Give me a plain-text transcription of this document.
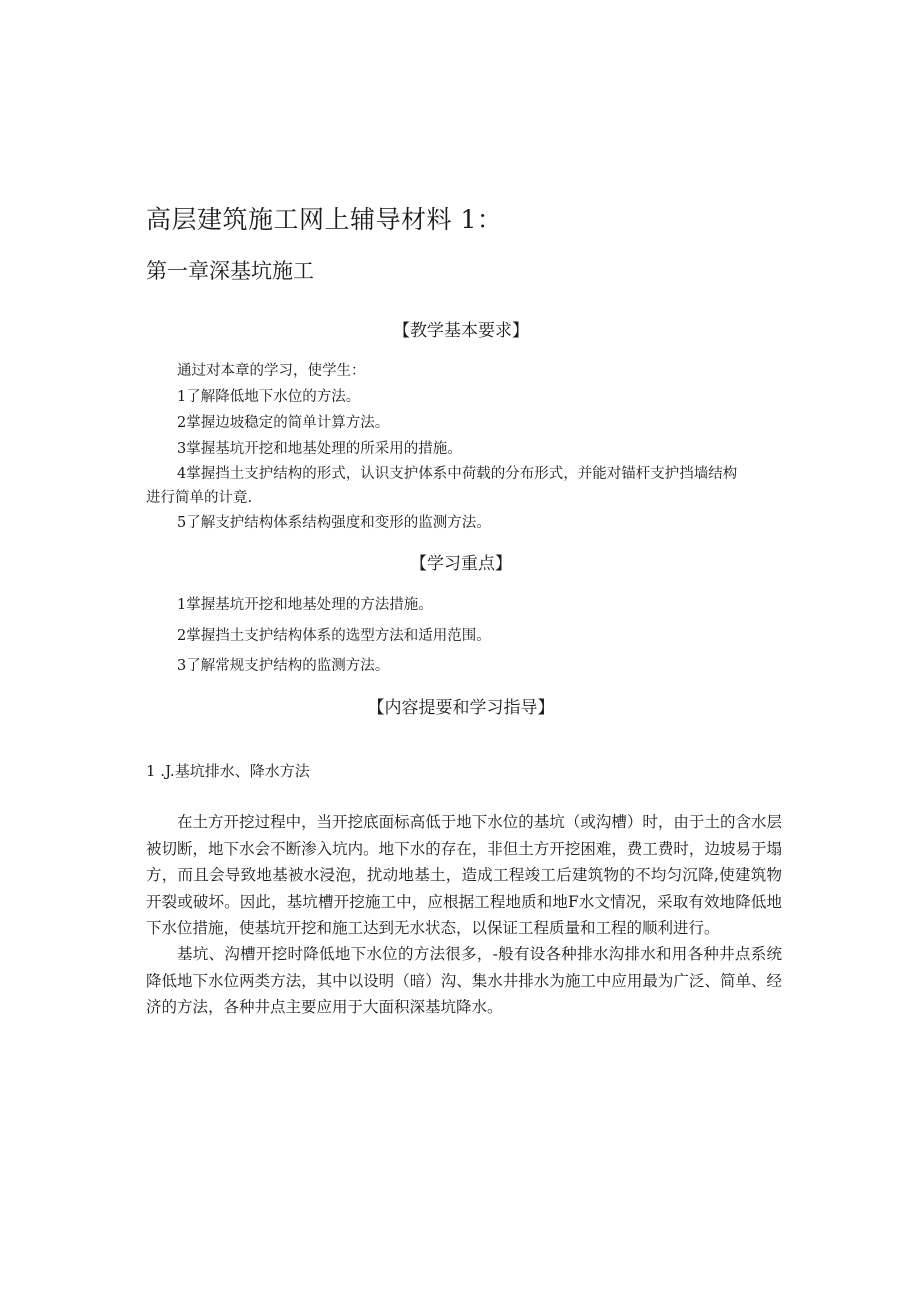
高层建筑施工网上辅导材料 1：
第一章深基坑施工
【教学基本要求】
通过对本章的学习，使学生：
1了解降低地下水位的方法。
2掌握边坡稳定的简单计算方法。
3掌握基坑开挖和地基处理的所采用的措施。
4掌握挡土支护结构的形式，认识支护体系中荷载的分布形式，并能对锚杆支护挡墙结构
进行简单的计竟.
5了解支护结构体系结构强度和变形的监测方法。
【学习重点】
1掌握基坑开挖和地基处理的方法措施。
2掌握挡土支护结构体系的选型方法和适用范围。
3了解常规支护结构的监测方法。
【内容提要和学习指导】
1 .J.基坑排水、降水方法
在土方开挖过程中，当开挖底面标高低于地下水位的基坑（或沟槽）时，由于土的含水层被切断，地下水会不断渗入坑内。地下水的存在，非但土方开挖困难，费工费时，边坡易于塌方，而且会导致地基被水浸泡，扰动地基土，造成工程竣工后建筑物的不均匀沉降,使建筑物开裂或破坏。因此，基坑槽开挖施工中，应根据工程地质和地F水文情况，采取有效地降低地下水位措施，使基坑开挖和施工达到无水状态，以保证工程质量和工程的顺利进行。
基坑、沟槽开挖时降低地下水位的方法很多，-般有设各种排水沟排水和用各种井点系统降低地下水位两类方法，其中以设明（暗）沟、集水井排水为施工中应用最为广泛、简单、经济的方法，各种井点主要应用于大面积深基坑降水。
